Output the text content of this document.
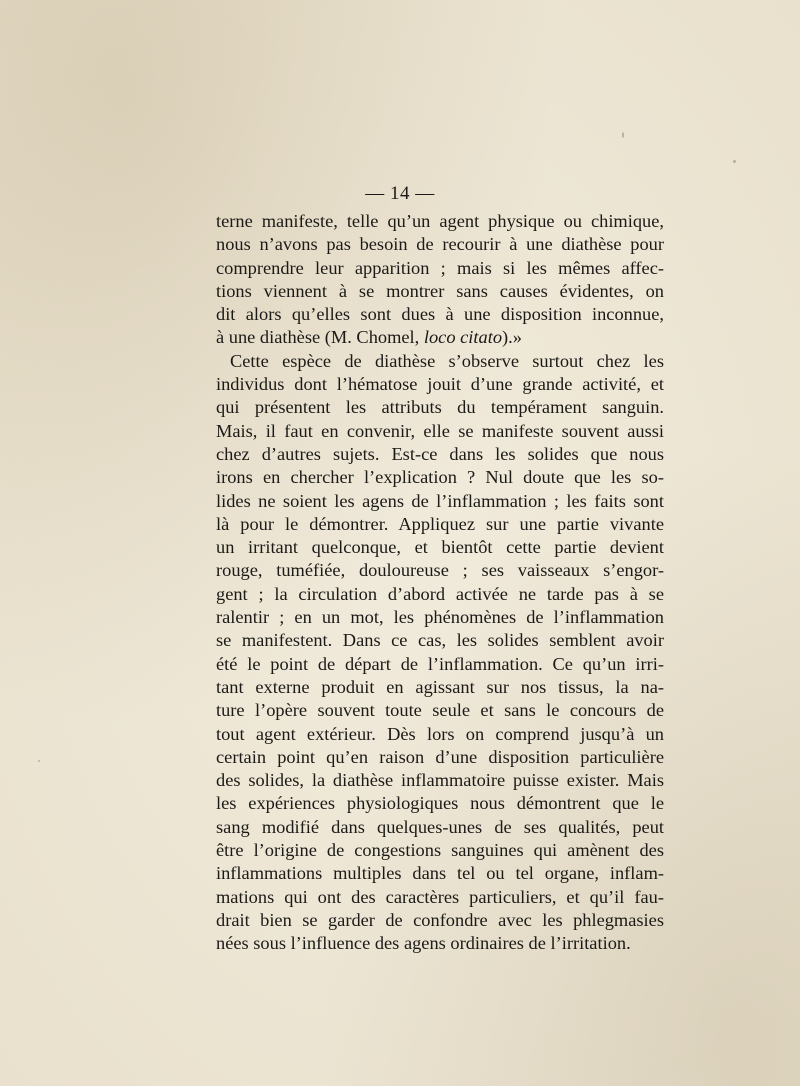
— 14 —
terne manifeste, telle qu’un agent physique ou chimique,
nous n’avons pas besoin de recourir à une diathèse pour
comprendre leur apparition ; mais si les mêmes affec-
tions viennent à se montrer sans causes évidentes, on
dit alors qu’elles sont dues à une disposition inconnue,
à une diathèse (M. Chomel, loco citato).»
Cette espèce de diathèse s’observe surtout chez les
individus dont l’hématose jouit d’une grande activité, et
qui présentent les attributs du tempérament sanguin.
Mais, il faut en convenir, elle se manifeste souvent aussi
chez d’autres sujets. Est-ce dans les solides que nous
irons en chercher l’explication ? Nul doute que les so-
lides ne soient les agens de l’inflammation ; les faits sont
là pour le démontrer. Appliquez sur une partie vivante
un irritant quelconque, et bientôt cette partie devient
rouge, tuméfiée, douloureuse ; ses vaisseaux s’engor-
gent ; la circulation d’abord activée ne tarde pas à se
ralentir ; en un mot, les phénomènes de l’inflammation
se manifestent. Dans ce cas, les solides semblent avoir
été le point de départ de l’inflammation. Ce qu’un irri-
tant externe produit en agissant sur nos tissus, la na-
ture l’opère souvent toute seule et sans le concours de
tout agent extérieur. Dès lors on comprend jusqu’à un
certain point qu’en raison d’une disposition particulière
des solides, la diathèse inflammatoire puisse exister. Mais
les expériences physiologiques nous démontrent que le
sang modifié dans quelques-unes de ses qualités, peut
être l’origine de congestions sanguines qui amènent des
inflammations multiples dans tel ou tel organe, inflam-
mations qui ont des caractères particuliers, et qu’il fau-
drait bien se garder de confondre avec les phlegmasies
nées sous l’influence des agens ordinaires de l’irritation.
